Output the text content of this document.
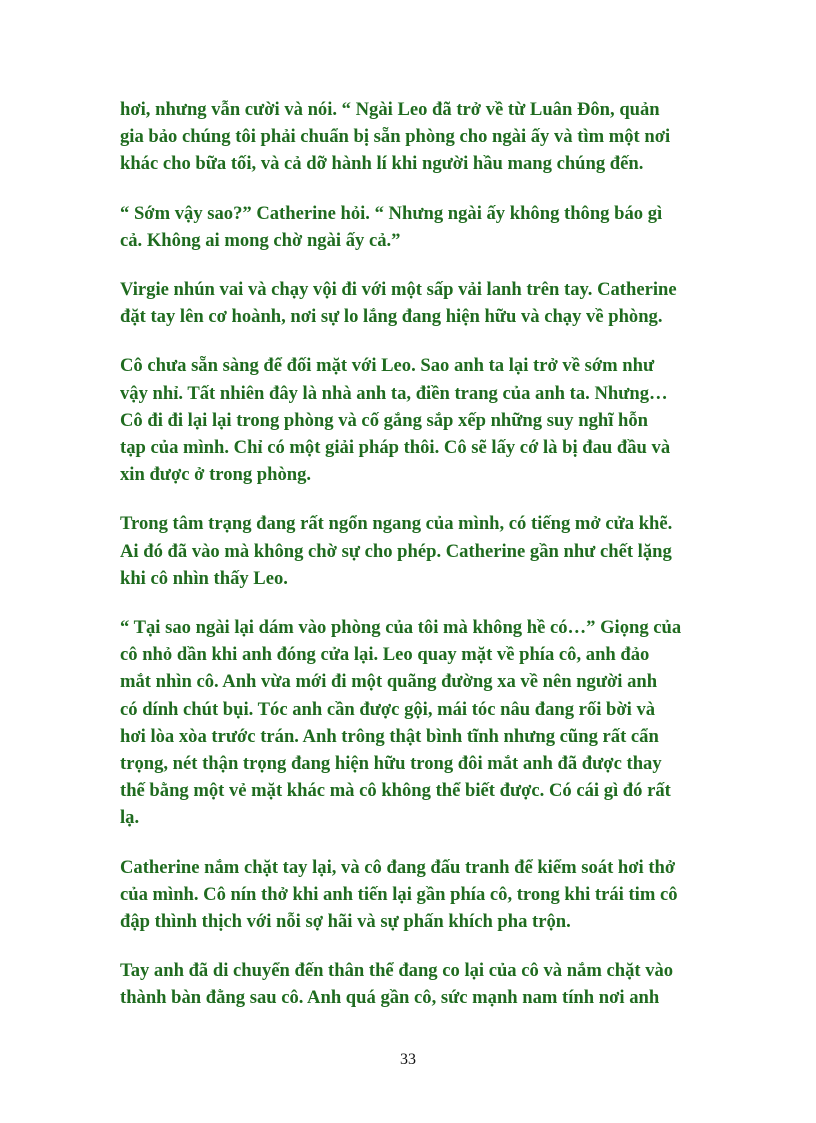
hơi, nhưng vẫn cười và nói. “ Ngài Leo đã trở về từ Luân Đôn, quản
gia bảo chúng tôi phải chuẩn bị sẵn phòng cho ngài ấy và tìm một nơi
khác cho bữa tối, và cả dỡ hành lí khi người hầu mang chúng đến.

“ Sớm vậy sao?” Catherine hỏi. “ Nhưng ngài ấy không thông báo gì
cả. Không ai mong chờ ngài ấy cả.”

Virgie nhún vai và chạy vội đi với một sấp vải lanh trên tay. Catherine
đặt tay lên cơ hoành, nơi sự lo lắng đang hiện hữu và chạy về phòng.

Cô chưa sẵn sàng để đối mặt với Leo. Sao anh ta lại trở về sớm như
vậy nhỉ. Tất nhiên đây là nhà anh ta, điền trang của anh ta. Nhưng…
Cô đi đi lại lại trong phòng và cố gắng sắp xếp những suy nghĩ hỗn
tạp của mình. Chỉ có một giải pháp thôi. Cô sẽ lấy cớ là bị đau đầu và
xin được ở trong phòng.

Trong tâm trạng đang rất ngổn ngang của mình, có tiếng mở cửa khẽ.
Ai đó đã vào mà không chờ sự cho phép. Catherine gần như chết lặng
khi cô nhìn thấy Leo.

“ Tại sao ngài lại dám vào phòng của tôi mà không hề có…” Giọng của
cô nhỏ dần khi anh đóng cửa lại. Leo quay mặt về phía cô, anh đảo
mắt nhìn cô. Anh vừa mới đi một quãng đường xa về nên người anh
có dính chút bụi. Tóc anh cần được gội, mái tóc nâu đang rối bời và
hơi lòa xòa trước trán. Anh trông thật bình tĩnh nhưng cũng rất cẩn
trọng, nét thận trọng đang hiện hữu trong đôi mắt anh đã được thay
thế bằng một vẻ mặt khác mà cô không thể biết được. Có cái gì đó rất
lạ.

Catherine nắm chặt tay lại, và cô đang đấu tranh để kiểm soát hơi thở
của mình. Cô nín thở khi anh tiến lại gần phía cô, trong khi trái tim cô
đập thình thịch với nỗi sợ hãi và sự phấn khích pha trộn.

Tay anh đã di chuyển đến thân thể đang co lại của cô và nắm chặt vào
thành bàn đằng sau cô. Anh quá gần cô, sức mạnh nam tính nơi anh

33
